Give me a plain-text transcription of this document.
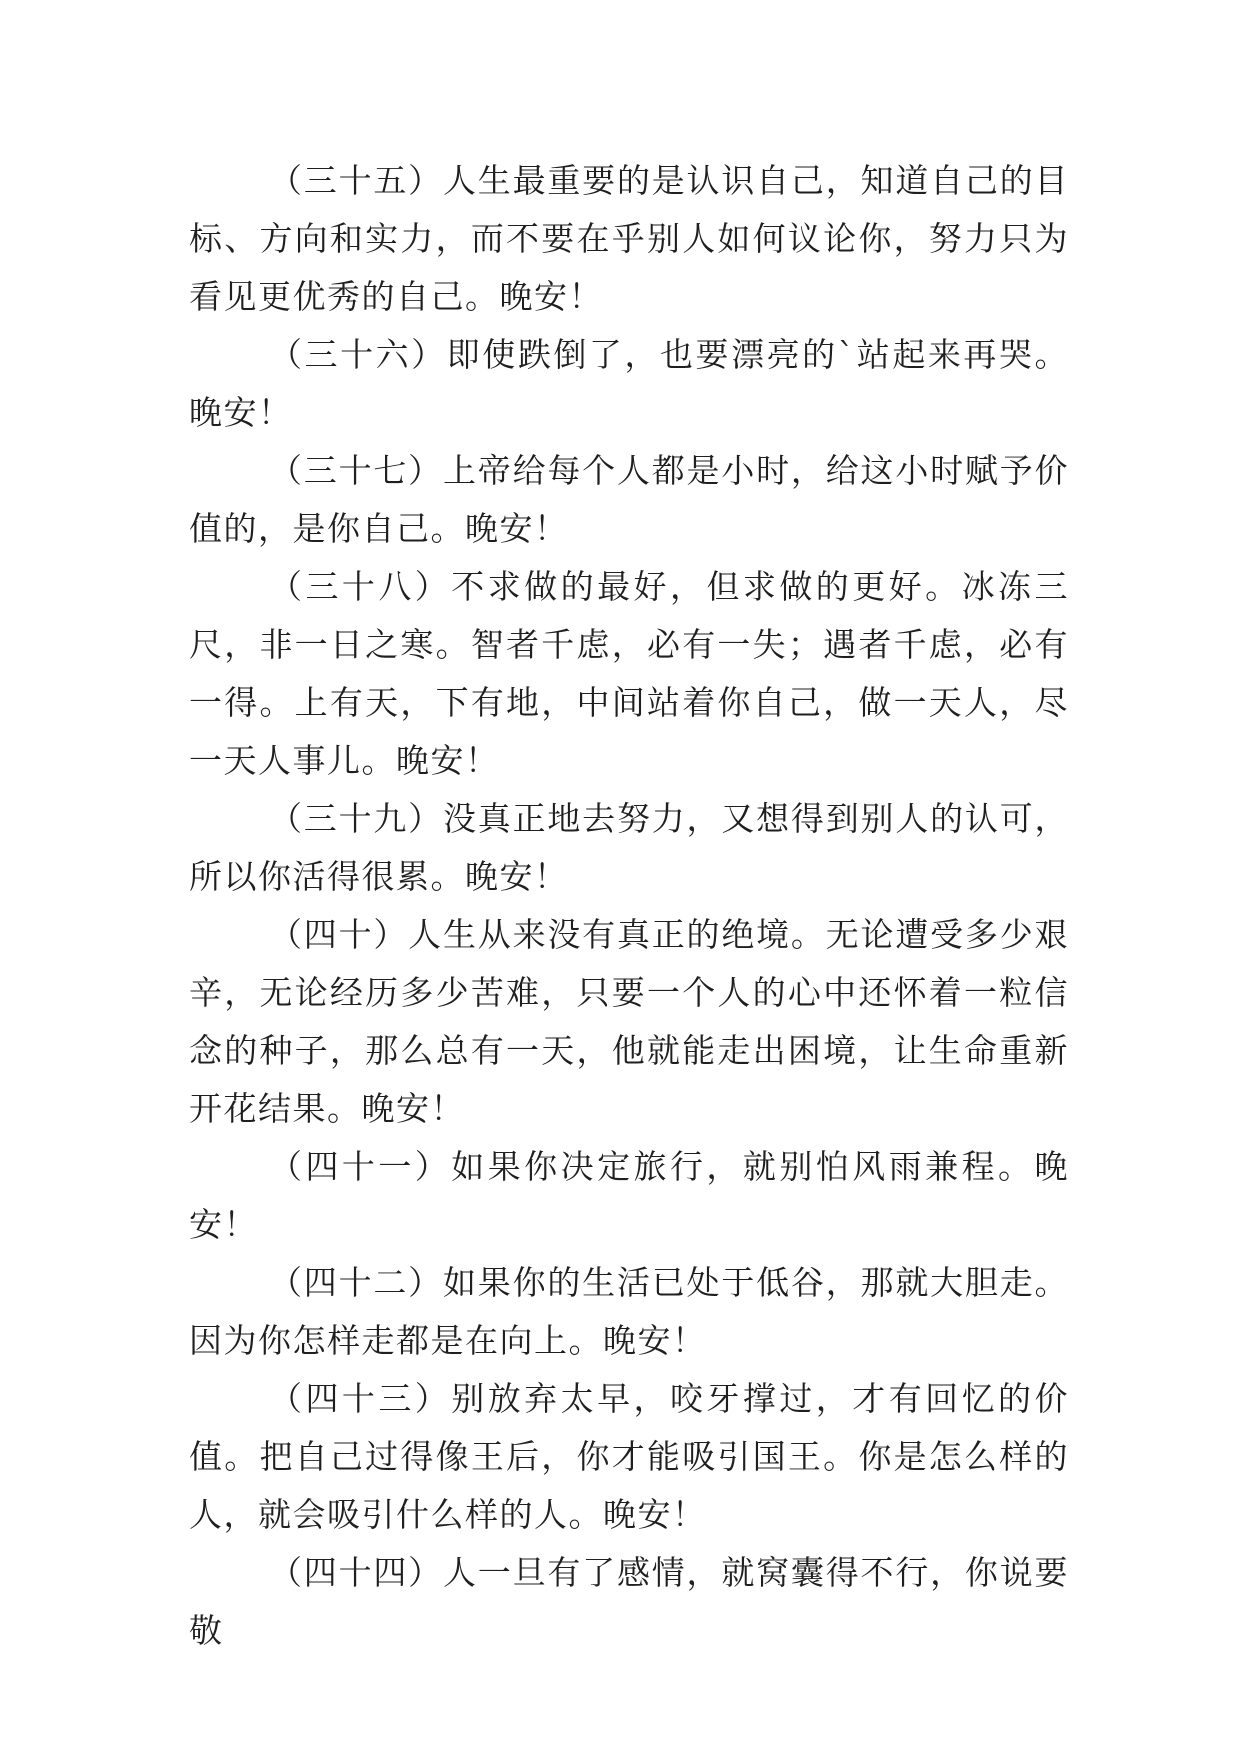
（三十五）人生最重要的是认识自己，知道自己的目标、方向和实力，而不要在乎别人如何议论你，努力只为看见更优秀的自己。晚安！

（三十六）即使跌倒了，也要漂亮的`站起来再哭。晚安！

（三十七）上帝给每个人都是小时，给这小时赋予价值的，是你自己。晚安！

（三十八）不求做的最好，但求做的更好。冰冻三尺，非一日之寒。智者千虑，必有一失；遇者千虑，必有一得。上有天，下有地，中间站着你自己，做一天人，尽一天人事儿。晚安！

（三十九）没真正地去努力，又想得到别人的认可，所以你活得很累。晚安！

（四十）人生从来没有真正的绝境。无论遭受多少艰辛，无论经历多少苦难，只要一个人的心中还怀着一粒信念的种子，那么总有一天，他就能走出困境，让生命重新开花结果。晚安！

（四十一）如果你决定旅行，就别怕风雨兼程。晚安！

（四十二）如果你的生活已处于低谷，那就大胆走。因为你怎样走都是在向上。晚安！

（四十三）别放弃太早，咬牙撑过，才有回忆的价值。把自己过得像王后，你才能吸引国王。你是怎么样的人，就会吸引什么样的人。晚安！

（四十四）人一旦有了感情，就窝囊得不行，你说要敬
